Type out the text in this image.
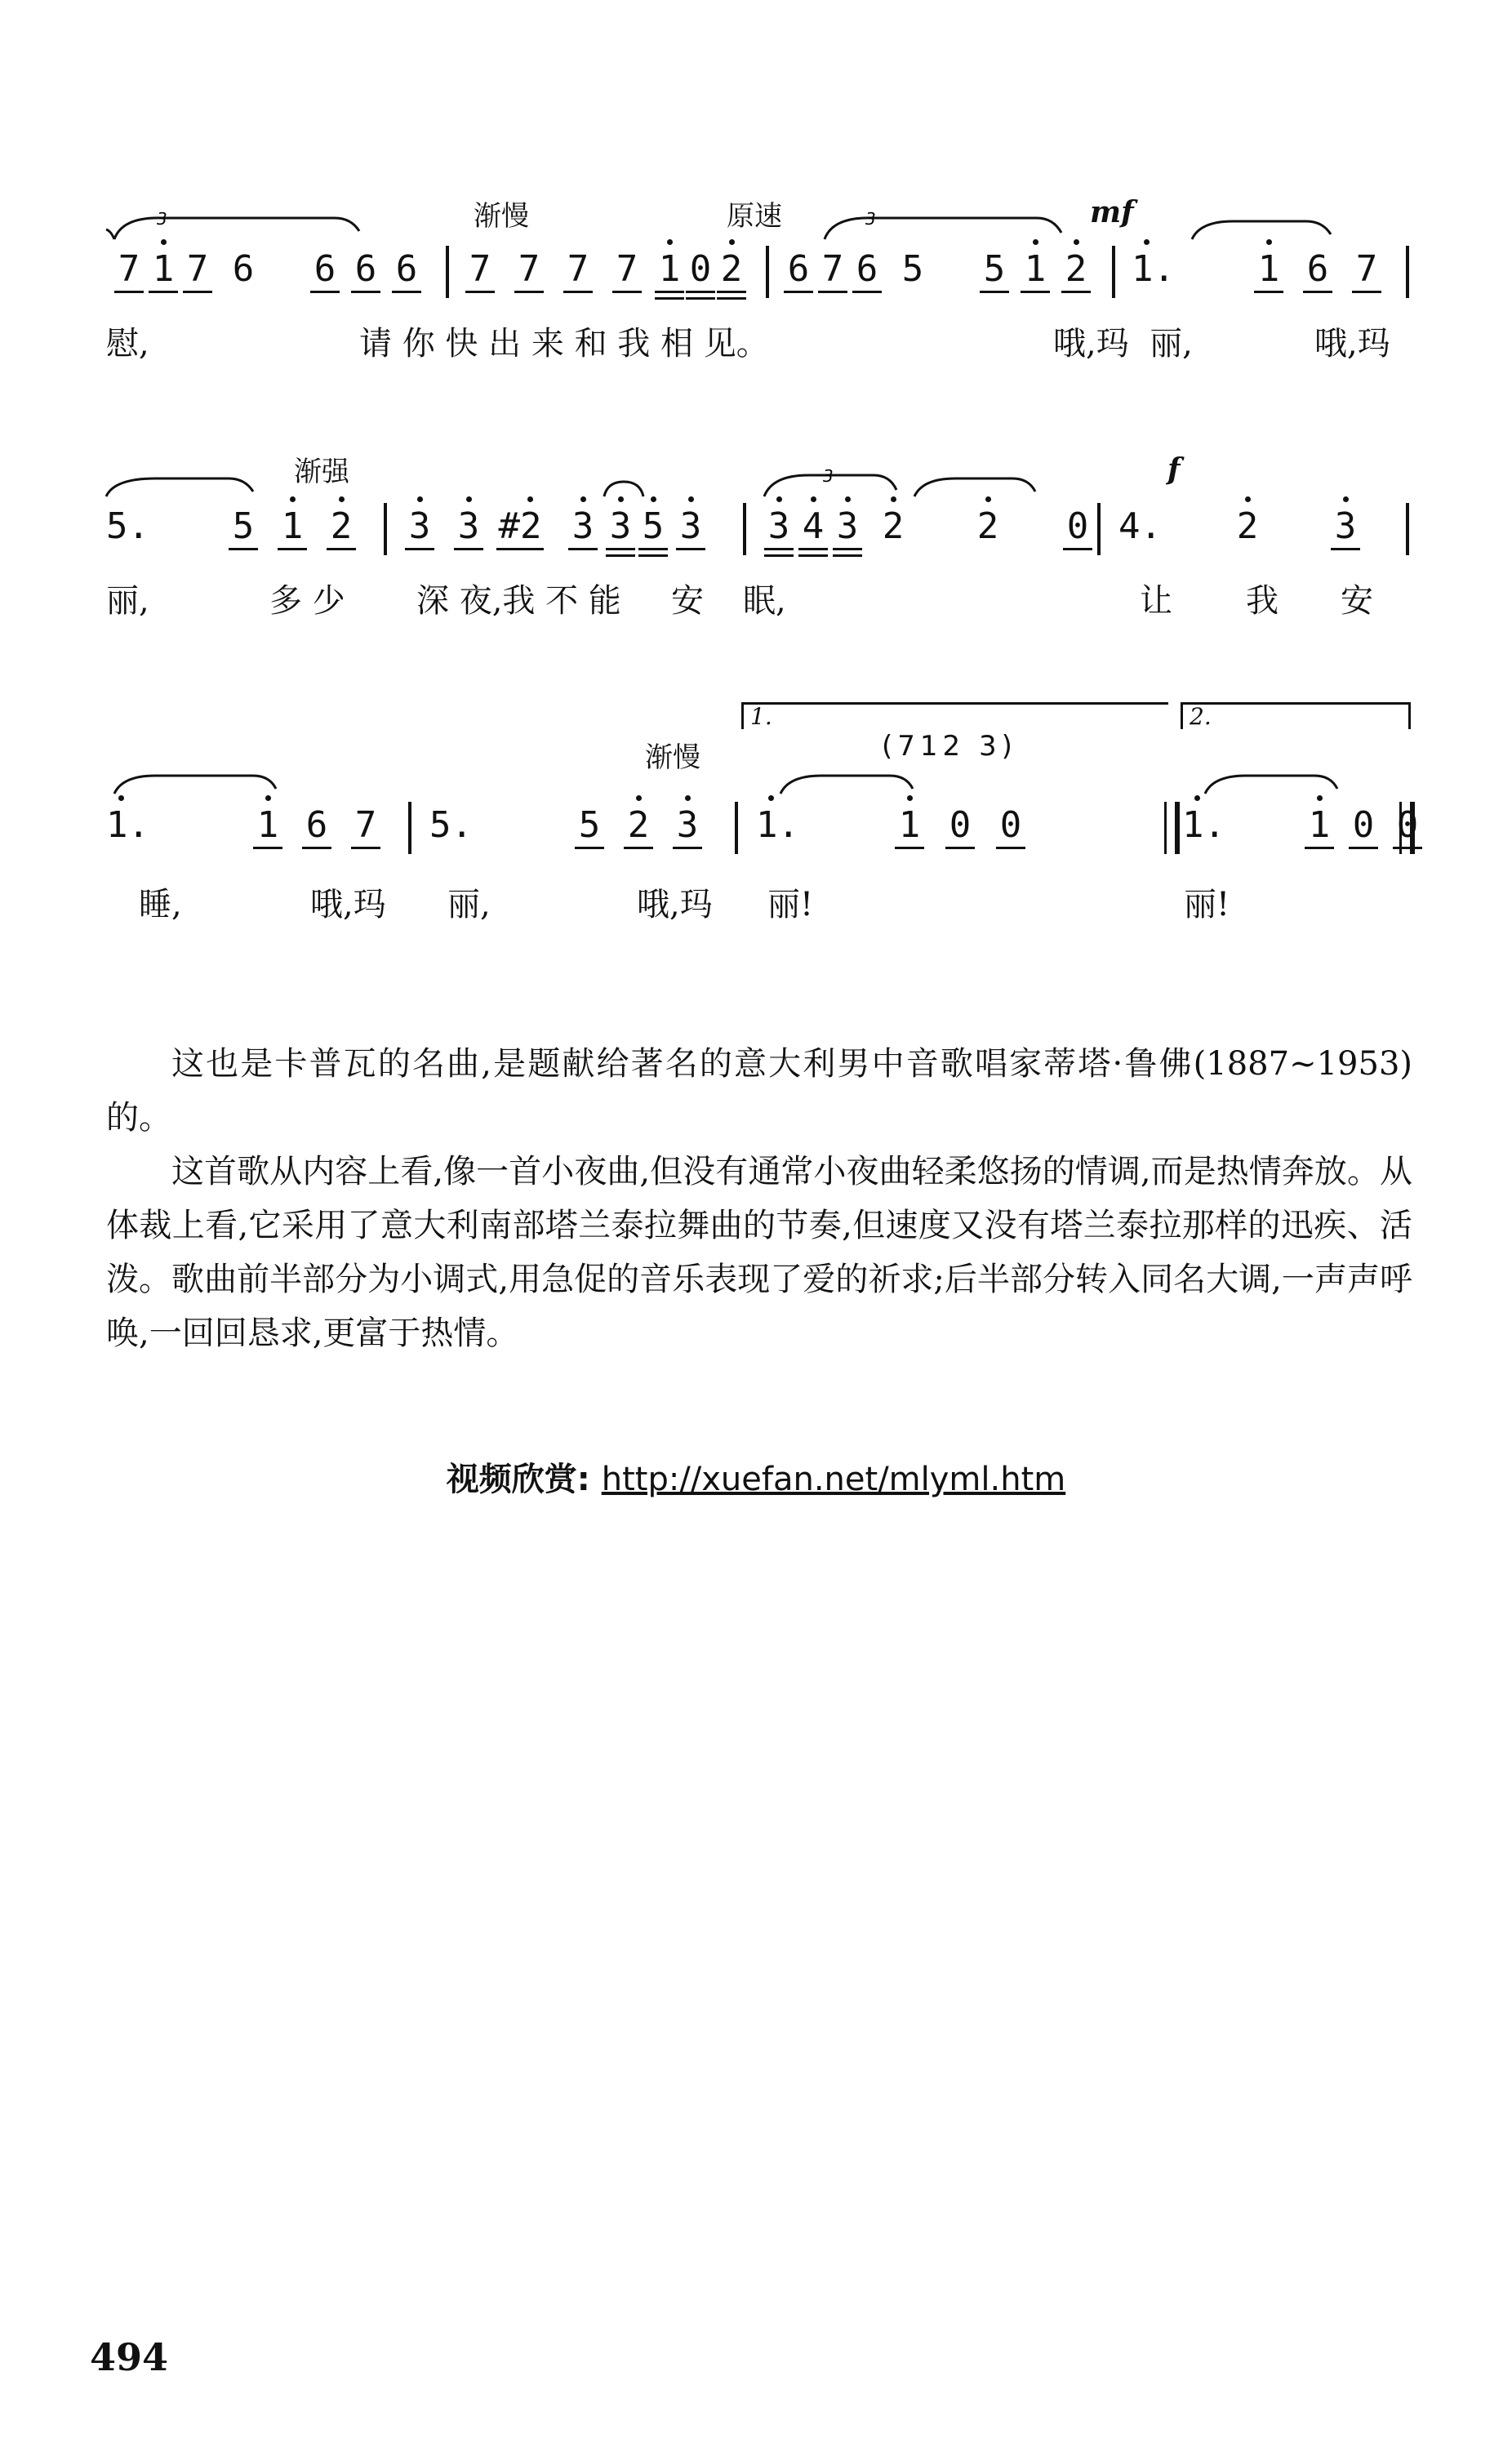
渐慢	原速	mf
3	3
7 1 7 6 6 6 6 7 7 7 7 1 0 2 6 7 6 5 5 1 2 1. 1 6 7
慰,	请 你 快 出 来 和 我 相 见。	哦,玛  丽,	哦,玛
渐强	f
3
5. 5 1 2 3 3 #2 3 3 5 3 3 4 3 2 2 0 4. 2 3
丽,	多 少 深 夜,我 不 能 安 眠,	让 我 安
1.	2.
渐慢	(712 3)
1.	1 6 7 5.	5 2 3 1.	1 0 0	1. 1 0 0
睡,	哦,玛 丽,	哦,玛 丽!	丽!

这也是卡普瓦的名曲,是题献给著名的意大利男中音歌唱家蒂塔·鲁佛(1887~1953)的。

这首歌从内容上看,像一首小夜曲,但没有通常小夜曲轻柔悠扬的情调,而是热情奔放。从体裁上看,它采用了意大利南部塔兰泰拉舞曲的节奏,但速度又没有塔兰泰拉那样的迅疾、活泼。歌曲前半部分为小调式,用急促的音乐表现了爱的祈求;后半部分转入同名大调,一声声呼唤,一回回恳求,更富于热情。

视频欣赏: http://xuefan.net/mlyml.htm
494
